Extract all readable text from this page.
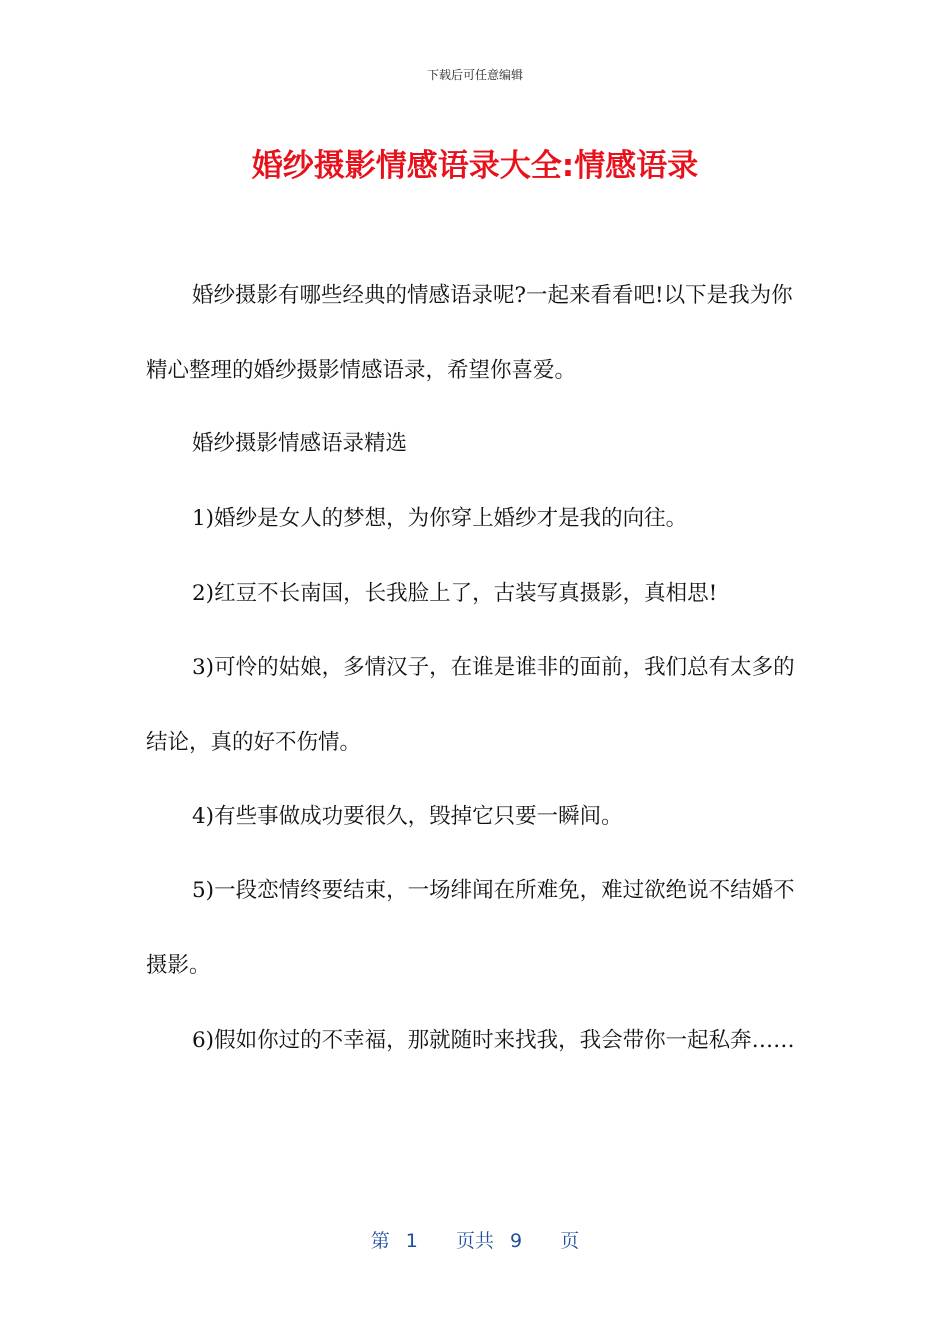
下载后可任意编辑
婚纱摄影情感语录大全:情感语录

婚纱摄影有哪些经典的情感语录呢?一起来看看吧!以下是我为你精心整理的婚纱摄影情感语录，希望你喜爱。

婚纱摄影情感语录精选

1)婚纱是女人的梦想，为你穿上婚纱才是我的向往。

2)红豆不长南国，长我脸上了，古装写真摄影，真相思!

3)可怜的姑娘，多情汉子，在谁是谁非的面前，我们总有太多的结论，真的好不伤情。

4)有些事做成功要很久，毁掉它只要一瞬间。

5)一段恋情终要结束，一场绯闻在所难免，难过欲绝说不结婚不摄影。

6)假如你过的不幸福，那就随时来找我，我会带你一起私奔……

第 1 页共 9 页
